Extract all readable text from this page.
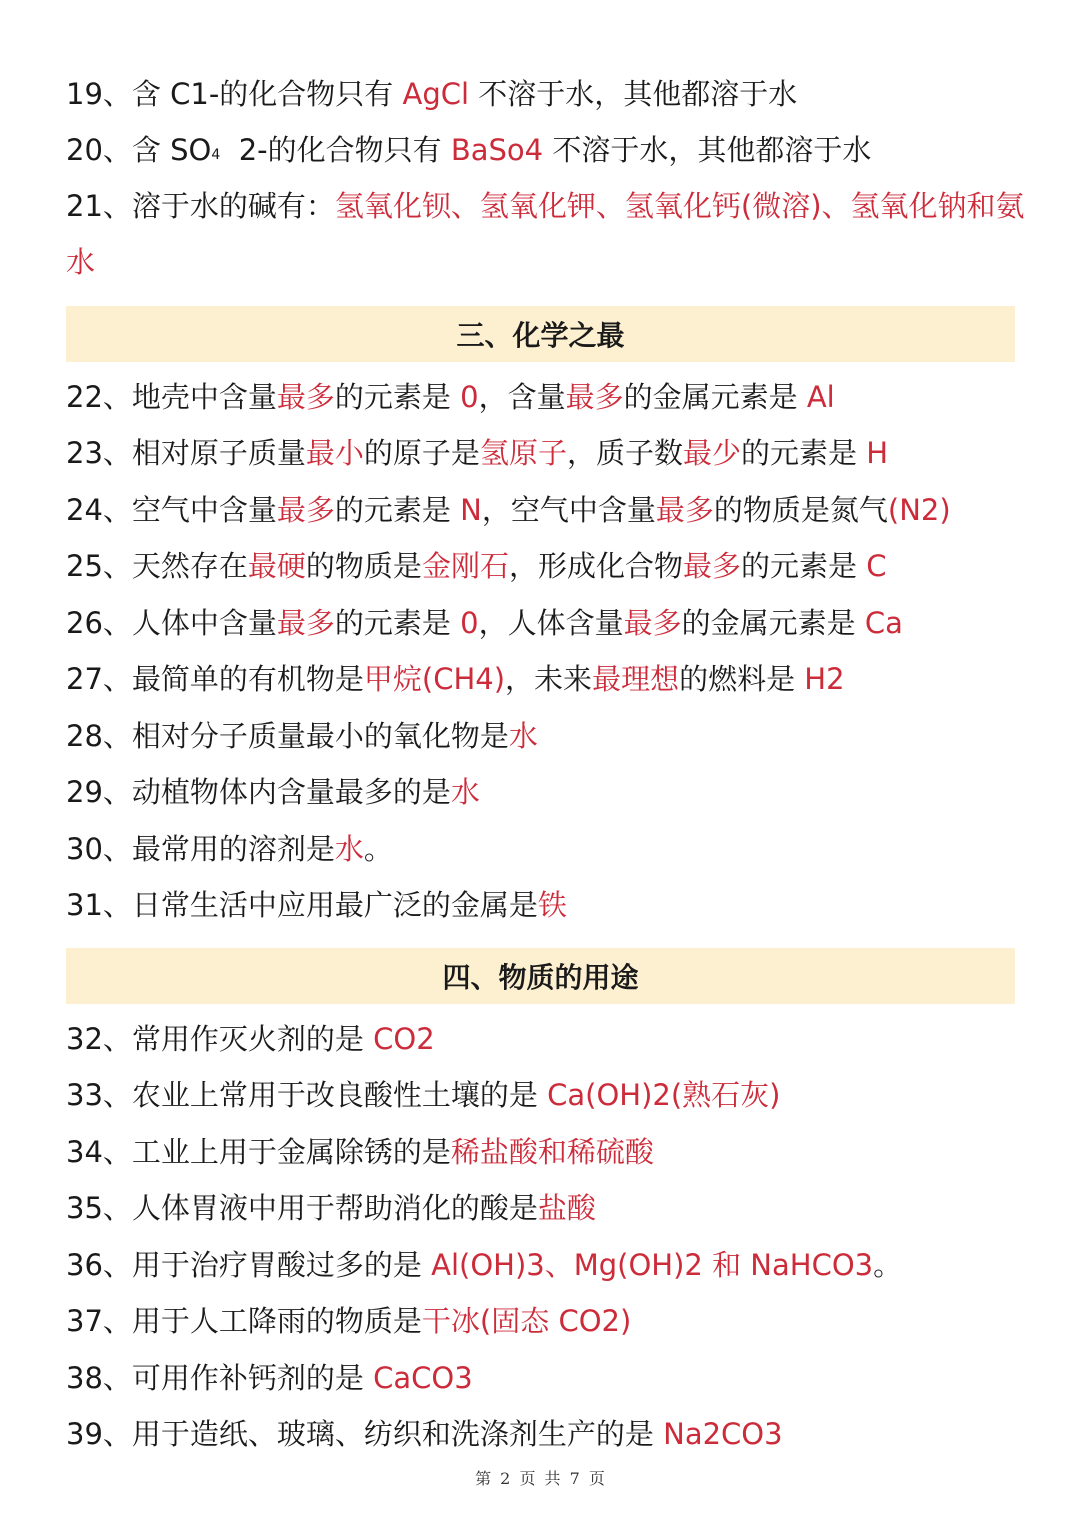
19、含 C1-的化合物只有 AgCl 不溶于水，其他都溶于水
20、含 SO4  2-的化合物只有 BaSo4 不溶于水，其他都溶于水
21、溶于水的碱有：氢氧化钡、氢氧化钾、氢氧化钙(微溶)、氢氧化钠和氨水
三、化学之最
22、地壳中含量最多的元素是 0，含量最多的金属元素是 Al
23、相对原子质量最小的原子是氢原子，质子数最少的元素是 H
24、空气中含量最多的元素是 N，空气中含量最多的物质是氮气(N2)
25、天然存在最硬的物质是金刚石，形成化合物最多的元素是 C
26、人体中含量最多的元素是 0，人体含量最多的金属元素是 Ca
27、最简单的有机物是甲烷(CH4)，未来最理想的燃料是 H2
28、相对分子质量最小的氧化物是水
29、动植物体内含量最多的是水
30、最常用的溶剂是水。
31、日常生活中应用最广泛的金属是铁
四、物质的用途
32、常用作灭火剂的是 CO2
33、农业上常用于改良酸性土壤的是 Ca(OH)2(熟石灰)
34、工业上用于金属除锈的是稀盐酸和稀硫酸
35、人体胃液中用于帮助消化的酸是盐酸
36、用于治疗胃酸过多的是 Al(OH)3、Mg(OH)2 和 NaHCO3。
37、用于人工降雨的物质是干冰(固态 CO2)
38、可用作补钙剂的是 CaCO3
39、用于造纸、玻璃、纺织和洗涤剂生产的是 Na2CO3
第 2 页 共 7 页
